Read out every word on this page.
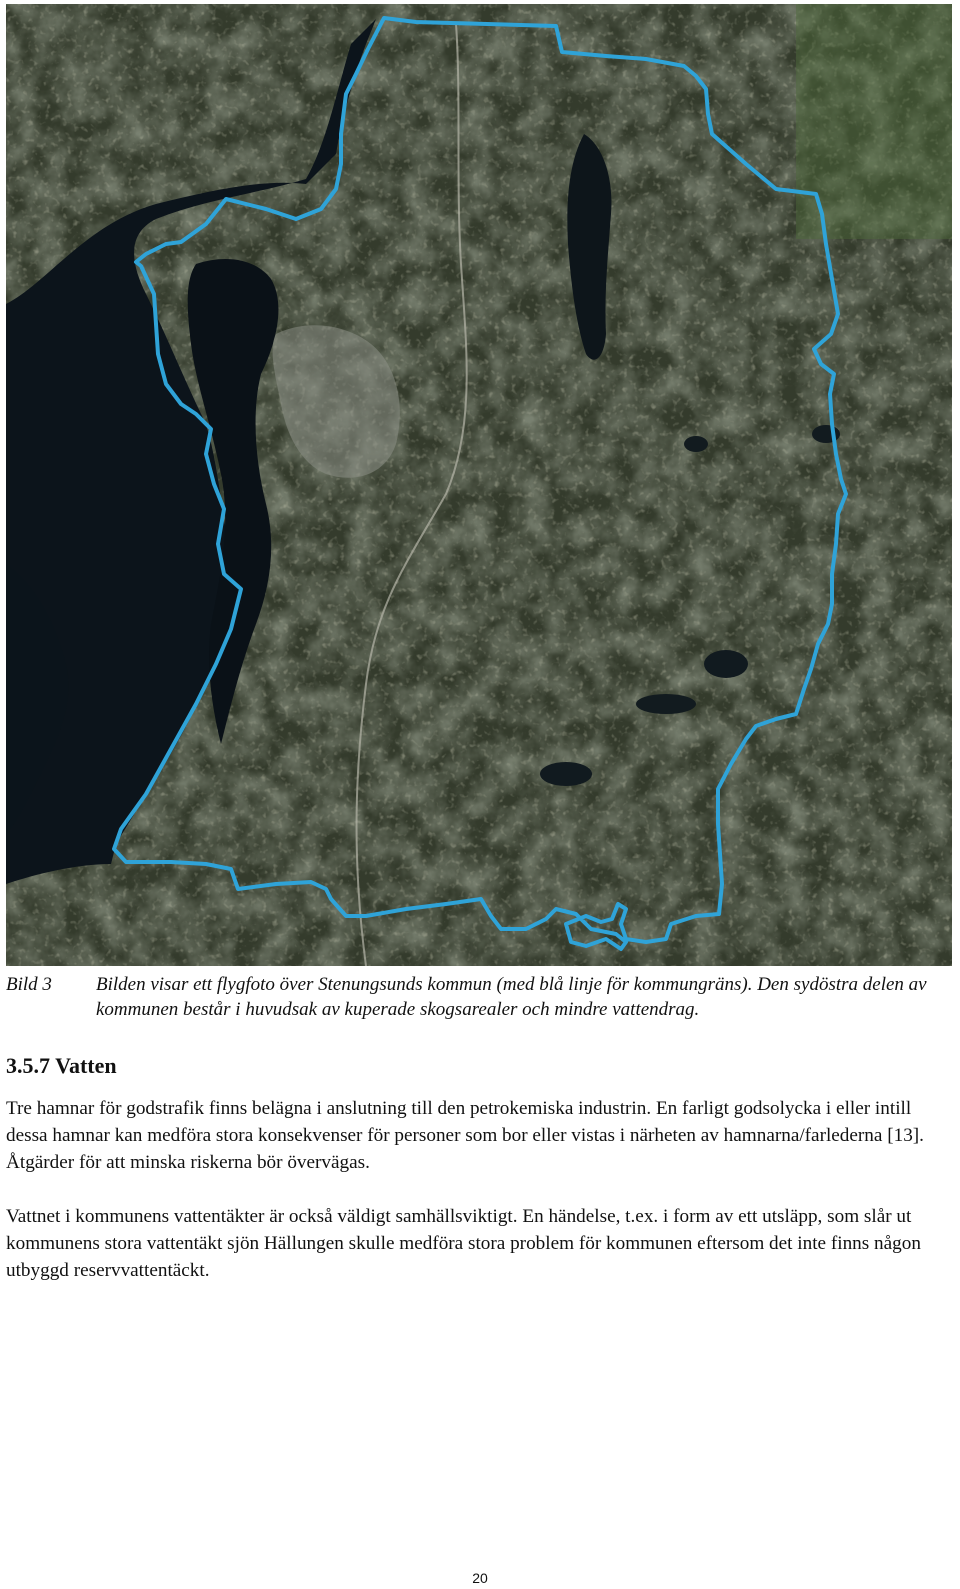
Bild 3 Bilden visar ett flygfoto över Stenungsunds kommun (med blå linje för kommungräns). Den sydöstra delen av kommunen består i huvudsak av kuperade skogsarealer och mindre vattendrag.
3.5.7 Vatten

Tre hamnar för godstrafik finns belägna i anslutning till den petrokemiska industrin. En farligt godsolycka i eller intill dessa hamnar kan medföra stora konsekvenser för personer som bor eller vistas i närheten av hamnarna/farlederna [13]. Åtgärder för att minska riskerna bör övervägas.

Vattnet i kommunens vattentäkter är också väldigt samhällsviktigt. En händelse, t.ex. i form av ett utsläpp, som slår ut kommunens stora vattentäkt sjön Hällungen skulle medföra stora problem för kommunen eftersom det inte finns någon utbyggd reservvattentäckt.

20
